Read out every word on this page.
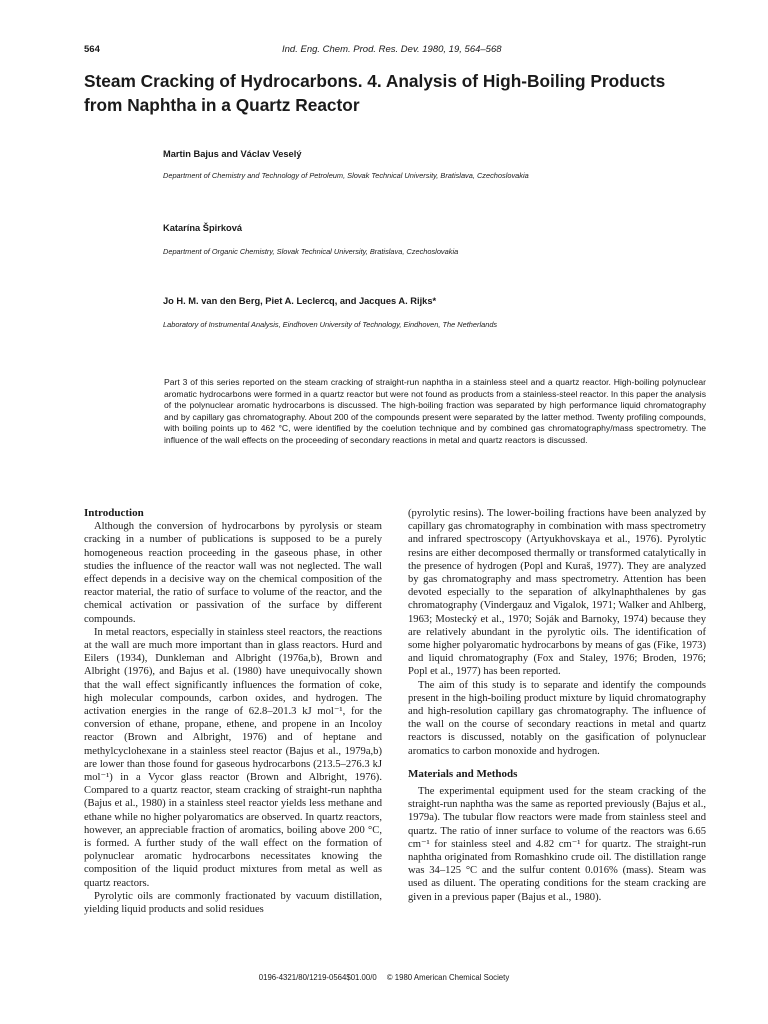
564	Ind. Eng. Chem. Prod. Res. Dev. 1980, 19, 564–568
Steam Cracking of Hydrocarbons. 4. Analysis of High-Boiling Products from Naphtha in a Quartz Reactor
Martin Bajus and Václav Veselý
Department of Chemistry and Technology of Petroleum, Slovak Technical University, Bratislava, Czechoslovakia
Katarína Špirková
Department of Organic Chemistry, Slovak Technical University, Bratislava, Czechoslovakia
Jo H. M. van den Berg, Piet A. Leclercq, and Jacques A. Rijks*
Laboratory of Instrumental Analysis, Eindhoven University of Technology, Eindhoven, The Netherlands

Part 3 of this series reported on the steam cracking of straight-run naphtha in a stainless steel and a quartz reactor. High-boiling polynuclear aromatic hydrocarbons were formed in a quartz reactor but were not found as products from a stainless-steel reactor. In this paper the analysis of the polynuclear aromatic hydrocarbons is discussed. The high-boiling fraction was separated by high performance liquid chromatography and by capillary gas chromatography. About 200 of the compounds present were separated by the latter method. Twenty profiling compounds, with boiling points up to 462 °C, were identified by the coelution technique and by combined gas chromatography/mass spectrometry. The influence of the wall effects on the proceeding of secondary reactions in metal and quartz reactors is discussed.

Introduction

Although the conversion of hydrocarbons by pyrolysis or steam cracking in a number of publications is supposed to be a purely homogeneous reaction proceeding in the gaseous phase, in other studies the influence of the reactor wall was not neglected. The wall effect depends in a decisive way on the chemical composition of the reactor material, the ratio of surface to volume of the reactor, and the chemical activation or passivation of the surface by different compounds.

In metal reactors, especially in stainless steel reactors, the reactions at the wall are much more important than in glass reactors. Hurd and Eilers (1934), Dunkleman and Albright (1976a,b), Brown and Albright (1976), and Bajus et al. (1980) have unequivocally shown that the wall effect significantly influences the formation of coke, high molecular compounds, carbon oxides, and hydrogen. The activation energies in the range of 62.8–201.3 kJ mol⁻¹, for the conversion of ethane, propane, ethene, and propene in an Incoloy reactor (Brown and Albright, 1976) and of heptane and methylcyclohexane in a stainless steel reactor (Bajus et al., 1979a,b) are lower than those found for gaseous hydrocarbons (213.5–276.3 kJ mol⁻¹) in a Vycor glass reactor (Brown and Albright, 1976). Compared to a quartz reactor, steam cracking of straight-run naphtha (Bajus et al., 1980) in a stainless steel reactor yields less methane and ethane while no higher polyaromatics are observed. In quartz reactors, however, an appreciable fraction of aromatics, boiling above 200 °C, is formed. A further study of the wall effect on the formation of polynuclear aromatic hydrocarbons necessitates knowing the composition of the liquid product mixtures from metal as well as quartz reactors.

Pyrolytic oils are commonly fractionated by vacuum distillation, yielding liquid products and solid residues

(pyrolytic resins). The lower-boiling fractions have been analyzed by capillary gas chromatography in combination with mass spectrometry and infrared spectroscopy (Artyukhovskaya et al., 1976). Pyrolytic resins are either decomposed thermally or transformed catalytically in the presence of hydrogen (Popl and Kuraš, 1977). They are analyzed by gas chromatography and mass spectrometry. Attention has been devoted especially to the separation of alkylnaphthalenes by gas chromatography (Vindergauz and Vigalok, 1971; Walker and Ahlberg, 1963; Mostecký et al., 1970; Soják and Barnoky, 1974) because they are relatively abundant in the pyrolytic oils. The identification of some higher polyaromatic hydrocarbons by means of gas (Fike, 1973) and liquid chromatography (Fox and Staley, 1976; Broden, 1976; Popl et al., 1977) has been reported.

The aim of this study is to separate and identify the compounds present in the high-boiling product mixture by liquid chromatography and high-resolution capillary gas chromatography. The influence of the wall on the course of secondary reactions in metal and quartz reactors is discussed, notably on the gasification of polynuclear aromatics to carbon monoxide and hydrogen.

Materials and Methods

The experimental equipment used for the steam cracking of the straight-run naphtha was the same as reported previously (Bajus et al., 1979a). The tubular flow reactors were made from stainless steel and quartz. The ratio of inner surface to volume of the reactors was 6.65 cm⁻¹ for stainless steel and 4.82 cm⁻¹ for quartz. The straight-run naphtha originated from Romashkino crude oil. The distillation range was 34–125 °C and the sulfur content 0.016% (mass). Steam was used as diluent. The operating conditions for the steam cracking are given in a previous paper (Bajus et al., 1980).

0196-4321/80/1219-0564$01.00/0 © 1980 American Chemical Society
